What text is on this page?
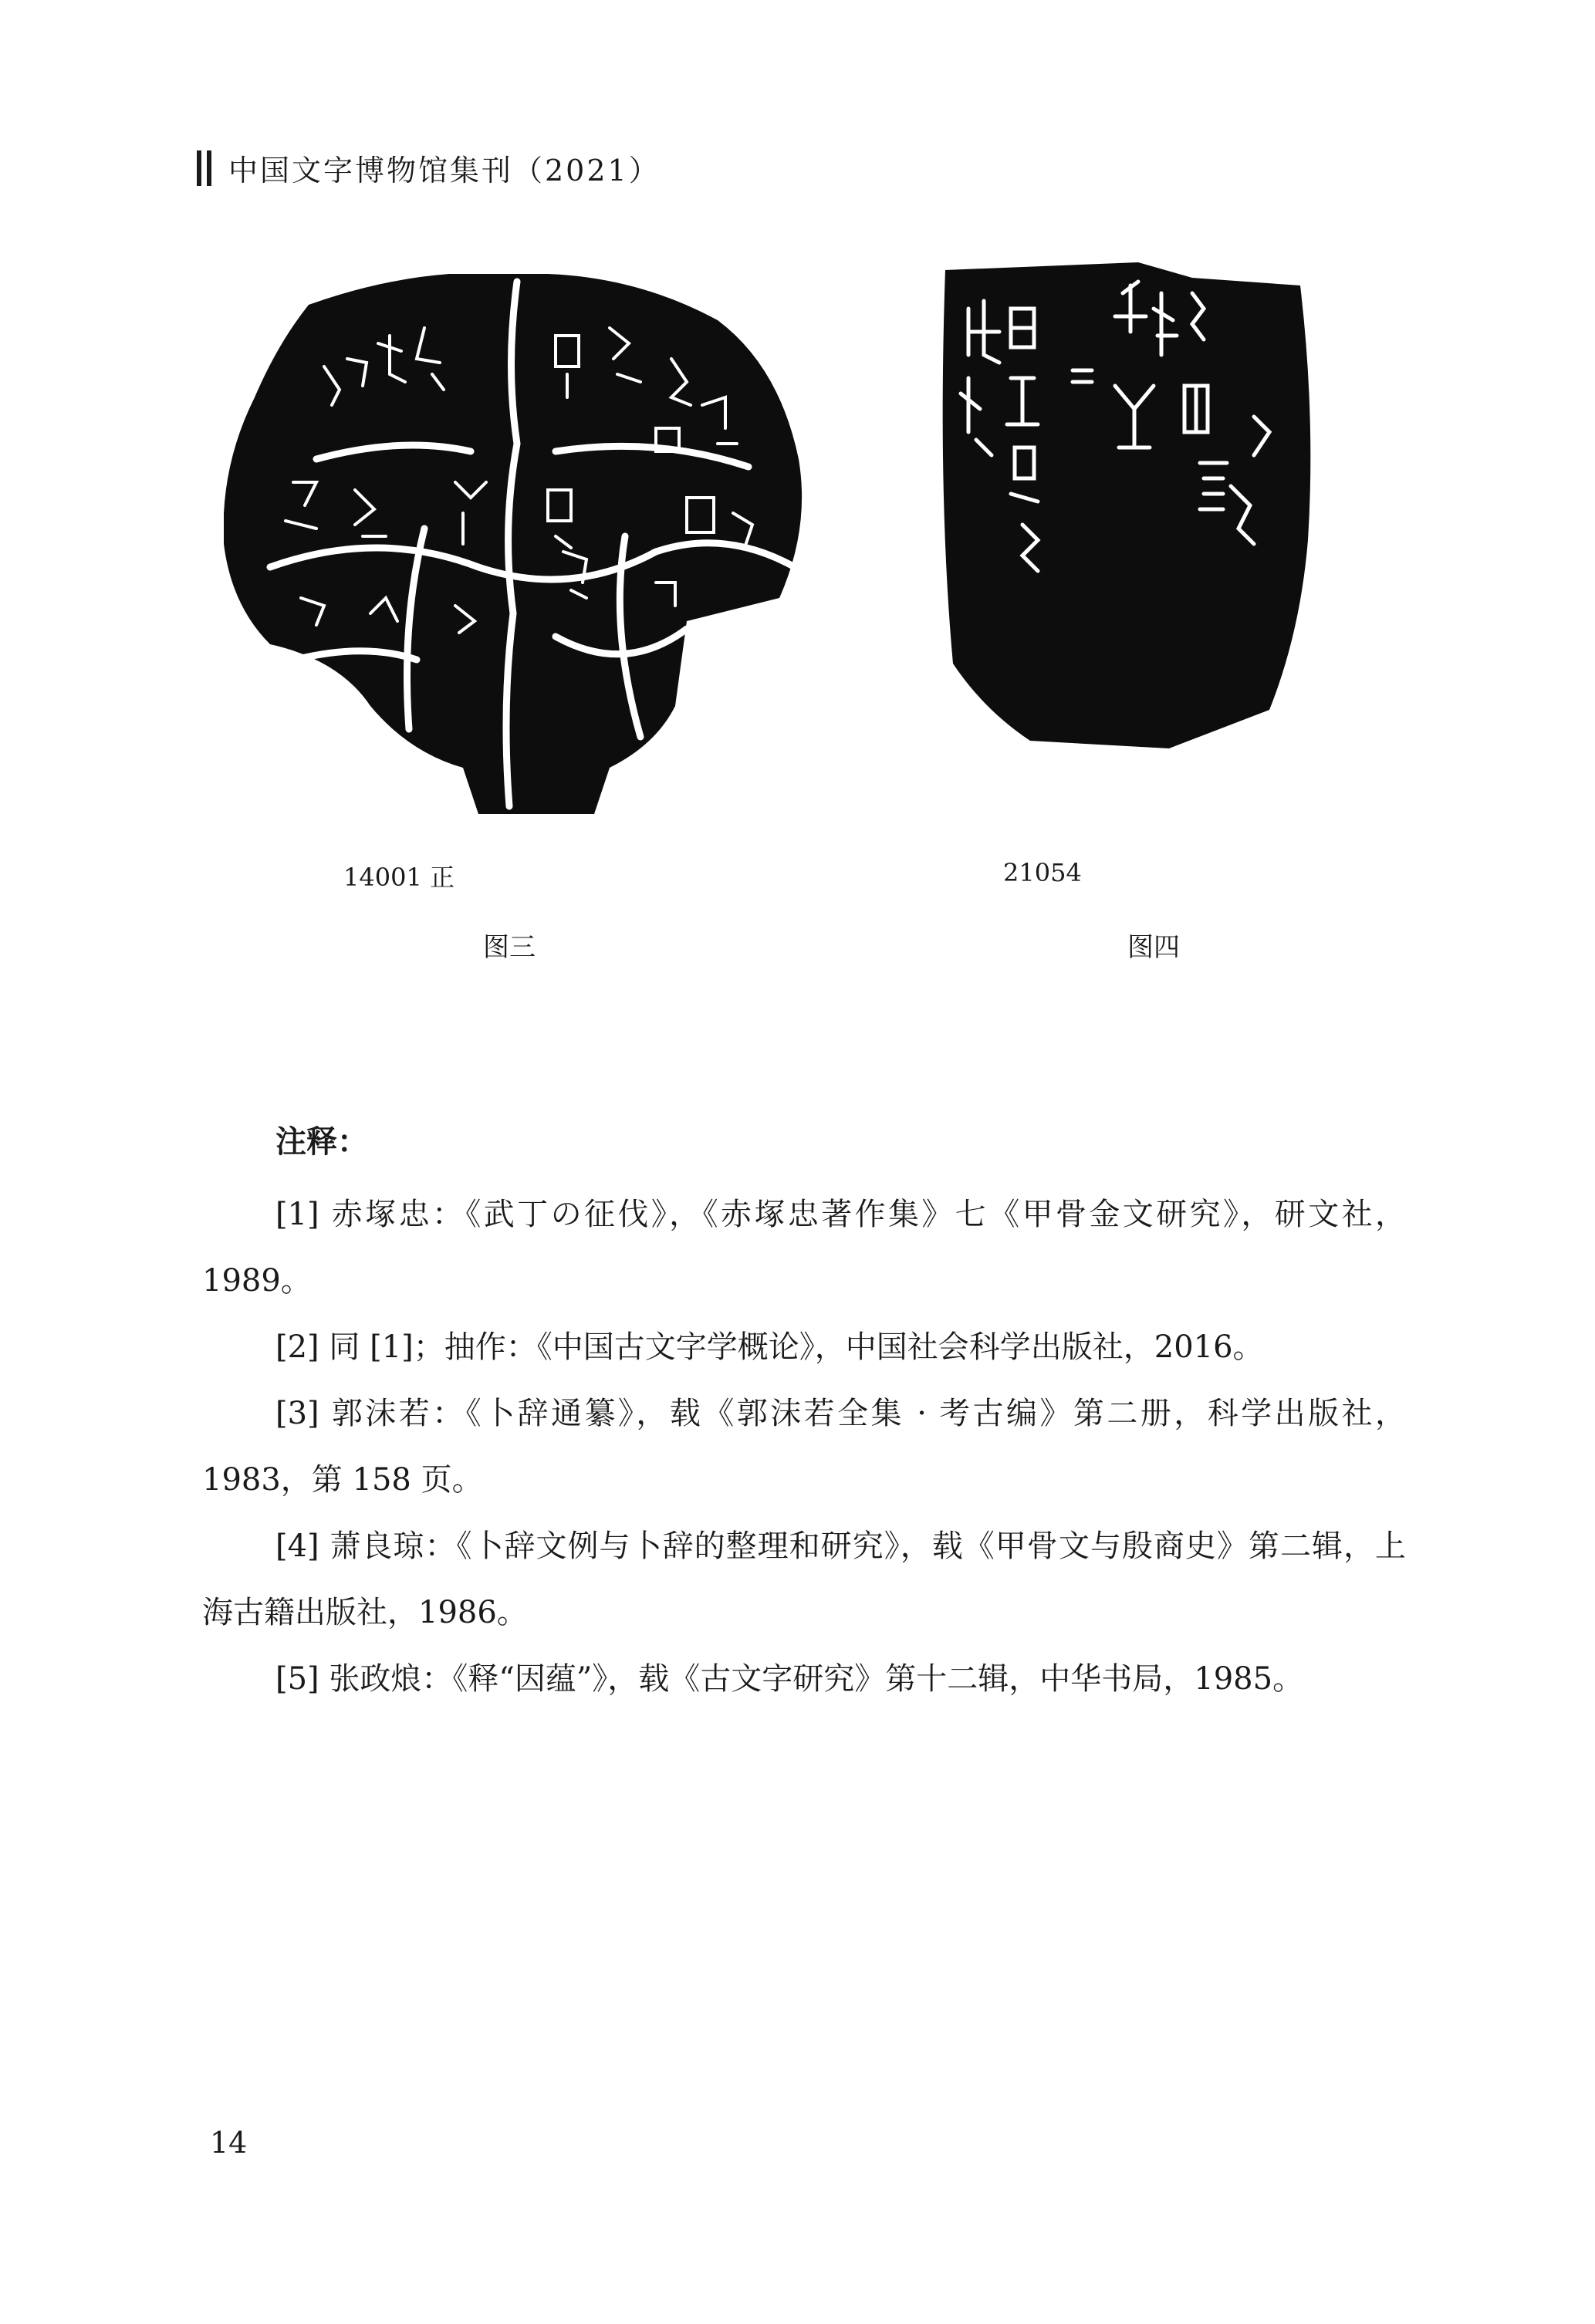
中国文字博物馆集刊（2021）
14001 正	21054
图三	图四
注释：

[1] 赤塚忠：《武丁の征伐》，《赤塚忠著作集》七《甲骨金文研究》，研文社，1989。

[2] 同 [1]；抽作：《中国古文字学概论》，中国社会科学出版社，2016。

[3] 郭沫若：《卜辞通纂》，载《郭沫若全集 · 考古编》第二册，科学出版社，1983，第 158 页。

[4] 萧良琼：《卜辞文例与卜辞的整理和研究》，载《甲骨文与殷商史》第二辑，上海古籍出版社，1986。

[5] 张政烺：《释“因蕴”》，载《古文字研究》第十二辑，中华书局，1985。

14
